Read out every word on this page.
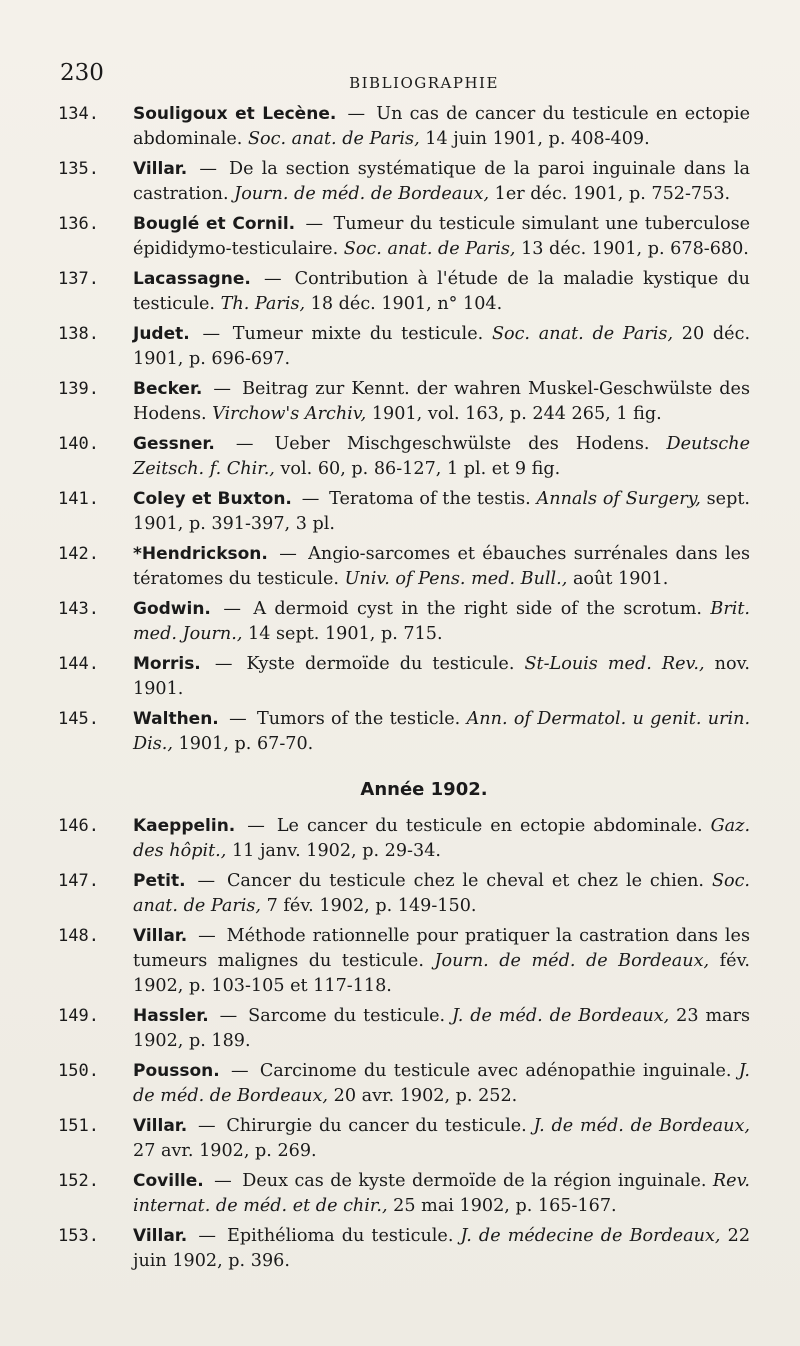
230	BIBLIOGRAPHIE
134. Souligoux et Lecène. — Un cas de cancer du testicule en ectopie abdominale. Soc. anat. de Paris, 14 juin 1901, p. 408-409.
135. Villar. — De la section systématique de la paroi inguinale dans la castration. Journ. de méd. de Bordeaux, 1er déc. 1901, p. 752-753.
136. Bouglé et Cornil. — Tumeur du testicule simulant une tuberculose épididymo-testiculaire. Soc. anat. de Paris, 13 déc. 1901, p. 678-680.
137. Lacassagne. — Contribution à l'étude de la maladie kystique du testicule. Th. Paris, 18 déc. 1901, n° 104.
138. Judet. — Tumeur mixte du testicule. Soc. anat. de Paris, 20 déc. 1901, p. 696-697.
139. Becker. — Beitrag zur Kennt. der wahren Muskel-Geschwülste des Hodens. Virchow's Archiv, 1901, vol. 163, p. 244 265, 1 fig.
140. Gessner. — Ueber Mischgeschwülste des Hodens. Deutsche Zeitsch. f. Chir., vol. 60, p. 86-127, 1 pl. et 9 fig.
141. Coley et Buxton. — Teratoma of the testis. Annals of Surgery, sept. 1901, p. 391-397, 3 pl.
142. *Hendrickson. — Angio-sarcomes et ébauches surrénales dans les tératomes du testicule. Univ. of Pens. med. Bull., août 1901.
143. Godwin. — A dermoid cyst in the right side of the scrotum. Brit. med. Journ., 14 sept. 1901, p. 715.
144. Morris. — Kyste dermoïde du testicule. St-Louis med. Rev., nov. 1901.
145. Walthen. — Tumors of the testicle. Ann. of Dermatol. u genit. urin. Dis., 1901, p. 67-70.
Année 1902.
146. Kaeppelin. — Le cancer du testicule en ectopie abdominale. Gaz. des hôpit., 11 janv. 1902, p. 29-34.
147. Petit. — Cancer du testicule chez le cheval et chez le chien. Soc. anat. de Paris, 7 fév. 1902, p. 149-150.
148. Villar. — Méthode rationnelle pour pratiquer la castration dans les tumeurs malignes du testicule. Journ. de méd. de Bordeaux, fév. 1902, p. 103-105 et 117-118.
149. Hassler. — Sarcome du testicule. J. de méd. de Bordeaux, 23 mars 1902, p. 189.
150. Pousson. — Carcinome du testicule avec adénopathie inguinale. J. de méd. de Bordeaux, 20 avr. 1902, p. 252.
151. Villar. — Chirurgie du cancer du testicule. J. de méd. de Bordeaux, 27 avr. 1902, p. 269.
152. Coville. — Deux cas de kyste dermoïde de la région inguinale. Rev. internat. de méd. et de chir., 25 mai 1902, p. 165-167.
153. Villar. — Epithélioma du testicule. J. de médecine de Bordeaux, 22 juin 1902, p. 396.
